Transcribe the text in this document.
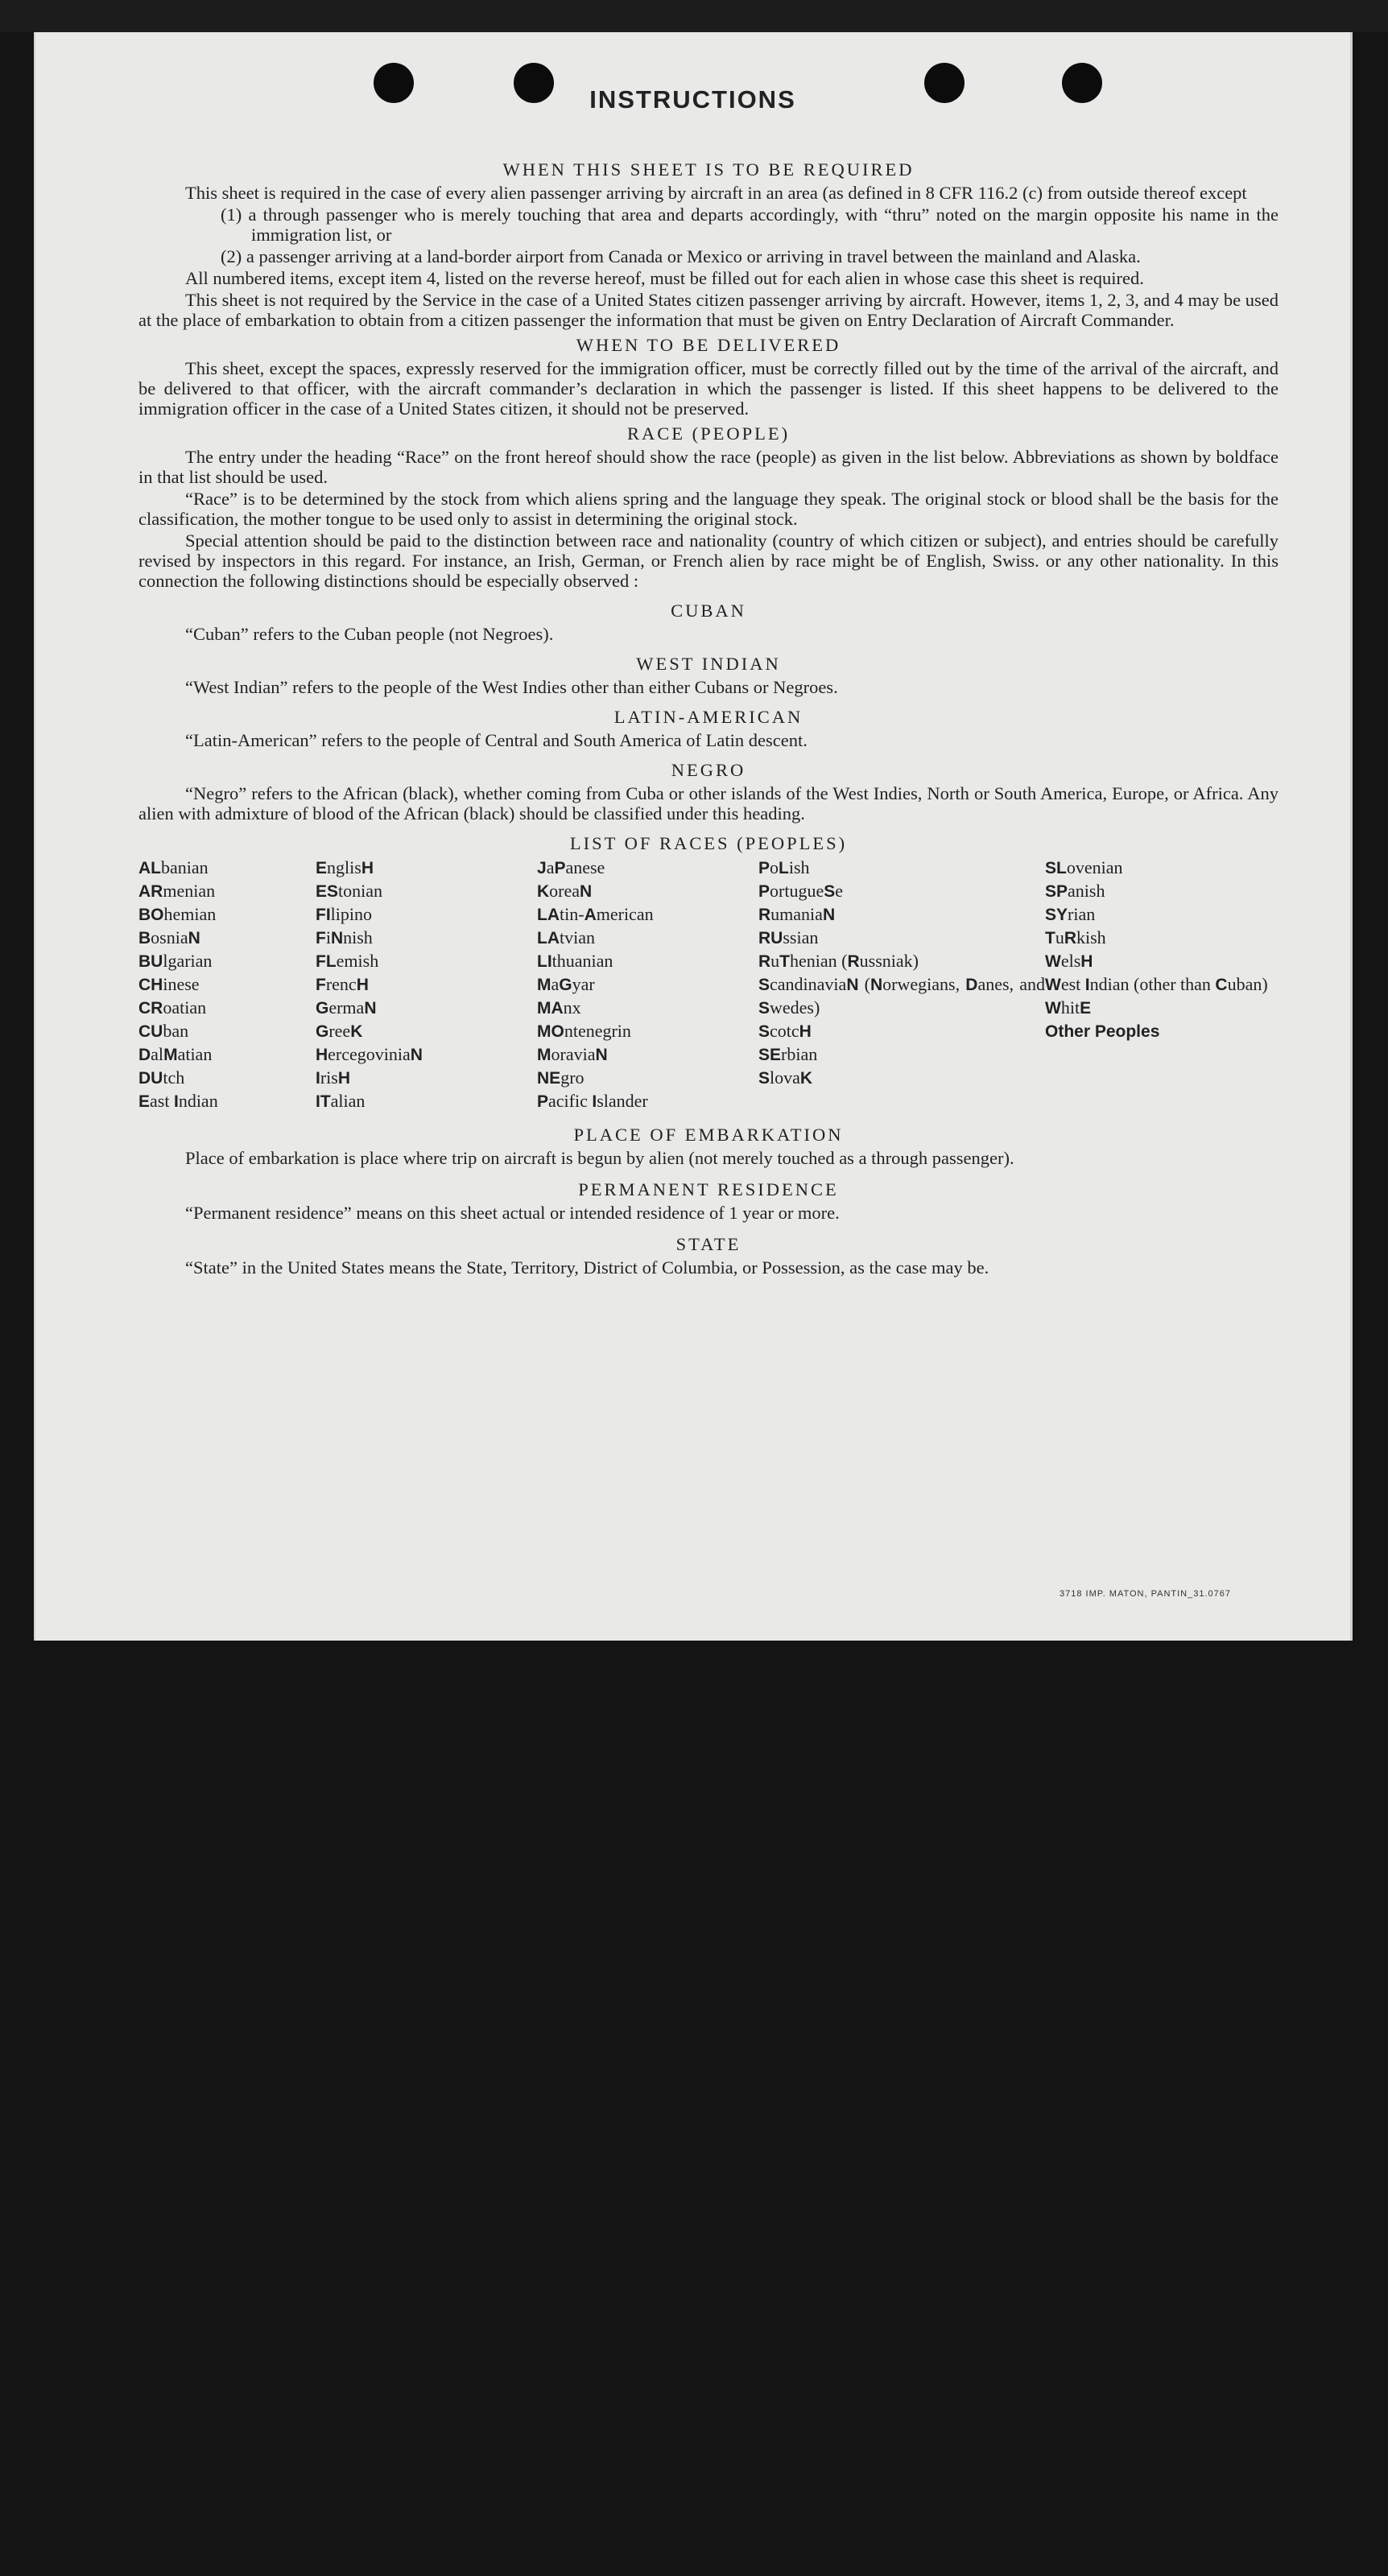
INSTRUCTIONS
WHEN THIS SHEET IS TO BE REQUIRED
This sheet is required in the case of every alien passenger arriving by aircraft in an area (as defined in 8 CFR 116.2 (c) from outside thereof except
(1) a through passenger who is merely touching that area and departs accordingly, with “thru” noted on the margin opposite his name in the immigration list, or
(2) a passenger arriving at a land-border airport from Canada or Mexico or arriving in travel between the mainland and Alaska.
All numbered items, except item 4, listed on the reverse hereof, must be filled out for each alien in whose case this sheet is required.
This sheet is not required by the Service in the case of a United States citizen passenger arriving by aircraft. However, items 1, 2, 3, and 4 may be used at the place of embarkation to obtain from a citizen passenger the information that must be given on Entry Declaration of Aircraft Commander.
WHEN TO BE DELIVERED
This sheet, except the spaces, expressly reserved for the immigration officer, must be correctly filled out by the time of the arrival of the aircraft, and be delivered to that officer, with the aircraft commander’s declaration in which the passenger is listed. If this sheet happens to be delivered to the immigration officer in the case of a United States citizen, it should not be preserved.
RACE (PEOPLE)
The entry under the heading “Race” on the front hereof should show the race (people) as given in the list below. Abbreviations as shown by boldface in that list should be used.
“Race” is to be determined by the stock from which aliens spring and the language they speak. The original stock or blood shall be the basis for the classification, the mother tongue to be used only to assist in determining the original stock.
Special attention should be paid to the distinction between race and nationality (country of which citizen or subject), and entries should be carefully revised by inspectors in this regard. For instance, an Irish, German, or French alien by race might be of English, Swiss. or any other nationality. In this connection the following distinctions should be especially observed :
CUBAN
“Cuban” refers to the Cuban people (not Negroes).
WEST INDIAN
“West Indian” refers to the people of the West Indies other than either Cubans or Negroes.
LATIN-AMERICAN
“Latin-American” refers to the people of Central and South America of Latin descent.
NEGRO
“Negro” refers to the African (black), whether coming from Cuba or other islands of the West Indies, North or South America, Europe, or Africa. Any alien with admixture of blood of the African (black) should be classified under this heading.
LIST OF RACES (PEOPLES)
ALbanian
ARmenian
BOhemian
BosniaN
BUlgarian
CHinese
CRoatian
CUban
DalMatian
DUtch
East Indian
EnglisH
EStonian
FIlipino
FiNnish
FLemish
FrencH
GermaN
GreeK
HercegoviniaN
IrisH
ITalian
JaPanese
KoreaN
LAtin-American
LAtvian
LIthuanian
MaGyar
MAnx
MOntenegrin
MoraviaN
NEgro
Pacific Islander
PoLish
PortugueSe
RumaniaN
RUssian
RuThenian (Russniak)
ScandinaviaN (Norwegians, Danes, and Swedes)
ScotcH
SErbian
SlovaK
SLovenian
SPanish
SYrian
TuRkish
WelsH
West Indian (other than Cuban)
WhitE
Other Peoples
PLACE OF EMBARKATION
Place of embarkation is place where trip on aircraft is begun by alien (not merely touched as a through passenger).
PERMANENT RESIDENCE
“Permanent residence” means on this sheet actual or intended residence of 1 year or more.
STATE
“State” in the United States means the State, Territory, District of Columbia, or Possession, as the case may be.
3718 IMP. MATON, PANTIN_31.0767
